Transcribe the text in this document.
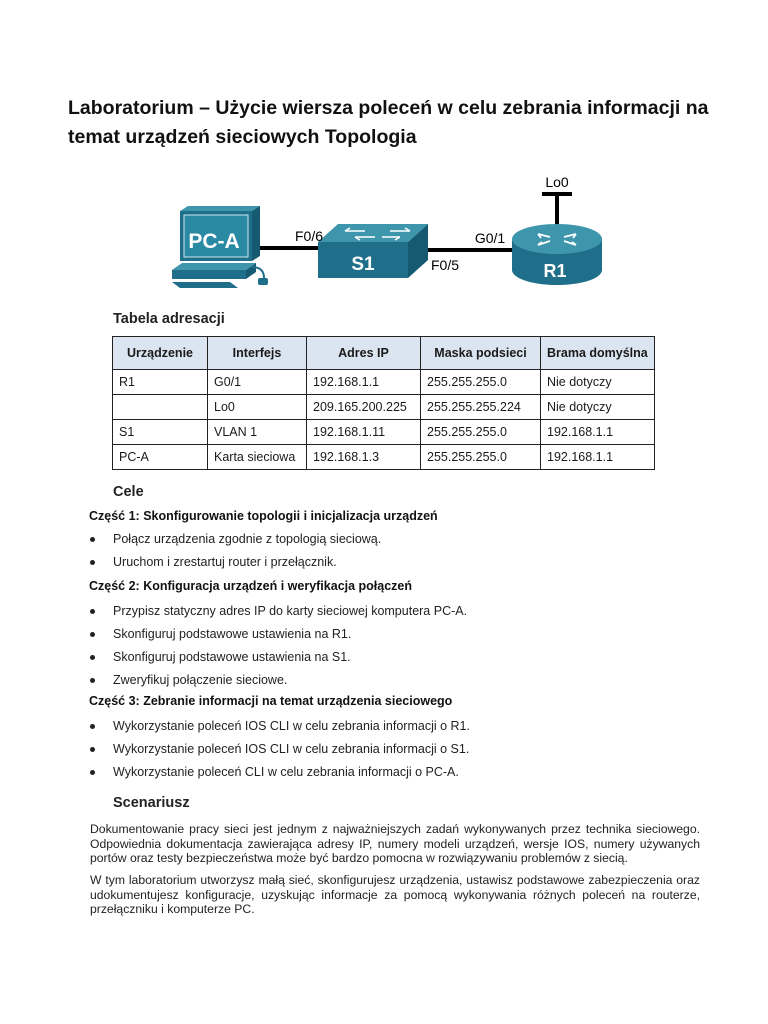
Laboratorium – Użycie wiersza poleceń w celu zebrania informacji na temat urządzeń sieciowych Topologia
PC-A
S1	R1
Lo0
F0/6
F0/5
G0/1
Tabela adresacji
Urządzenie	Interfejs	Adres IP	Maska podsieci	Brama domyślna
R1	G0/1	192.168.1.1	255.255.255.0	Nie dotyczy
	Lo0	209.165.200.225	255.255.255.224	Nie dotyczy
S1	VLAN 1	192.168.1.11	255.255.255.0	192.168.1.1
PC-A	Karta sieciowa	192.168.1.3	255.255.255.0	192.168.1.1
Cele
Część 1: Skonfigurowanie topologii i inicjalizacja urządzeń
Połącz urządzenia zgodnie z topologią sieciową.
Uruchom i zrestartuj router i przełącznik.
Część 2: Konfiguracja urządzeń i weryfikacja połączeń
Przypisz statyczny adres IP do karty sieciowej komputera PC-A.
Skonfiguruj podstawowe ustawienia na R1.
Skonfiguruj podstawowe ustawienia na S1.
Zweryfikuj połączenie sieciowe.
Część 3: Zebranie informacji na temat urządzenia sieciowego
Wykorzystanie poleceń IOS CLI w celu zebrania informacji o R1.
Wykorzystanie poleceń IOS CLI w celu zebrania informacji o S1.
Wykorzystanie poleceń CLI w celu zebrania informacji o PC-A.
Scenariusz
Dokumentowanie pracy sieci jest jednym z najważniejszych zadań wykonywanych przez technika sieciowego. Odpowiednia dokumentacja zawierająca adresy IP, numery modeli urządzeń, wersje IOS, numery używanych portów oraz testy bezpieczeństwa może być bardzo pomocna w rozwiązywaniu problemów z siecią.
W tym laboratorium utworzysz małą sieć, skonfigurujesz urządzenia, ustawisz podstawowe zabezpieczenia oraz udokumentujesz konfiguracje, uzyskując informacje za pomocą wykonywania różnych poleceń na routerze, przełączniku i komputerze PC.
